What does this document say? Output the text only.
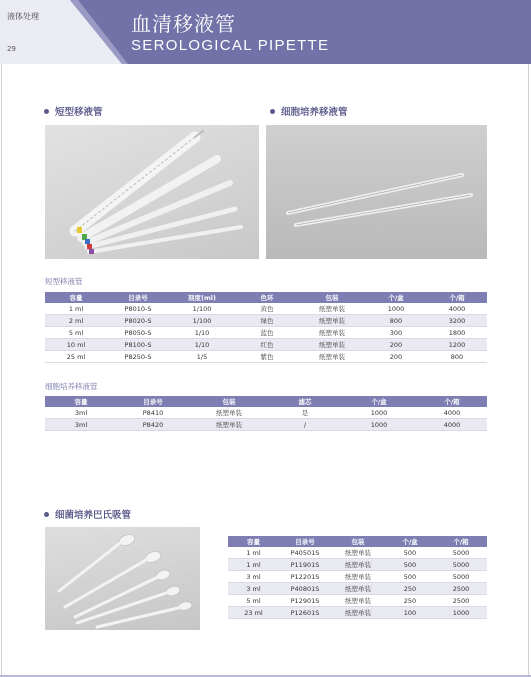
液体处理
29
血清移液管
SEROLOGICAL PIPETTE
短型移液管	细胞培养移液管
短型移液管
容量	目录号	刻度(ml)	色环	包装	个/盒	个/箱
1 ml	P8010-S	1/100	黄色	纸塑单装	1000	4000
2 ml	P8020-S	1/100	绿色	纸塑单装	800	3200
5 ml	P8050-S	1/10	蓝色	纸塑单装	300	1800
10 ml	P8100-S	1/10	红色	纸塑单装	200	1200
25 ml	P8250-S	1/5	紫色	纸塑单装	200	800
细胞培养移液管
容量	目录号	包装	滤芯	个/盒	个/箱
3ml	P8410	纸塑单装	是	1000	4000
3ml	P8420	纸塑单装	/	1000	4000
细菌培养巴氏吸管
容量	目录号	包装	个/盒	个/箱
1 ml	P40501S	纸塑单装	500	5000
1 ml	P11901S	纸塑单装	500	5000
3 ml	P12201S	纸塑单装	500	5000
3 ml	P40801S	纸塑单装	250	2500
5 ml	P12901S	纸塑单装	250	2500
23 ml	P12601S	纸塑单装	100	1000
